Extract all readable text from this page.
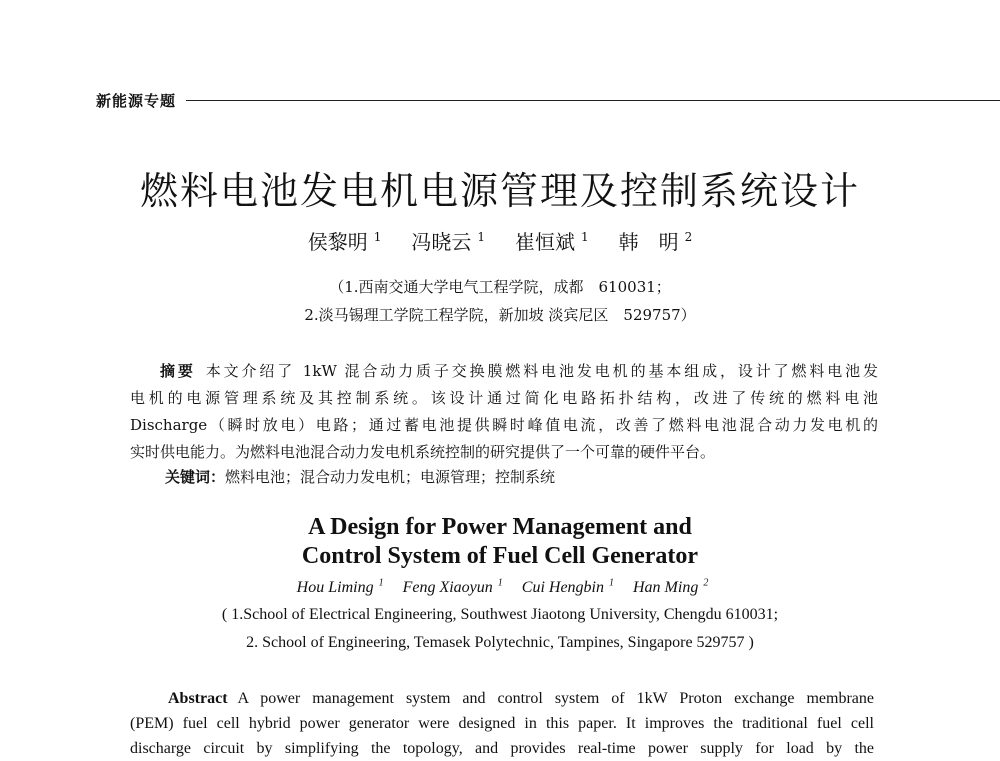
新能源专题
燃料电池发电机电源管理及控制系统设计
侯黎明 $^1$ 冯晓云 $^1$ 崔恒斌 $^1$ 韩　明 $^2$
（1.西南交通大学电气工程学院，成都　610031；
2.淡马锡理工学院工程学院，新加坡 淡宾尼区　529757）
摘要 本文介绍了 1kW 混合动力质子交换膜燃料电池发电机的基本组成，设计了燃料电池发
电机的电源管理系统及其控制系统。该设计通过简化电路拓扑结构，改进了传统的燃料电池
Discharge（瞬时放电）电路；通过蓄电池提供瞬时峰值电流，改善了燃料电池混合动力发电机的
实时供电能力。为燃料电池混合动力发电机系统控制的研究提供了一个可靠的硬件平台。
关键词：燃料电池；混合动力发电机；电源管理；控制系统
A Design for Power Management and
Control System of Fuel Cell Generator
Hou Liming $^1$ Feng Xiaoyun $^1$ Cui Hengbin $^1$ Han Ming $^2$
( 1.School of Electrical Engineering, Southwest Jiaotong University, Chengdu 610031;
2. School of Engineering, Temasek Polytechnic, Tampines, Singapore 529757 )
Abstract A power management system and control system of 1kW Proton exchange membrane
(PEM) fuel cell hybrid power generator were designed in this paper. It improves the traditional fuel cell
discharge circuit by simplifying the topology, and provides real-time power supply for load by the
